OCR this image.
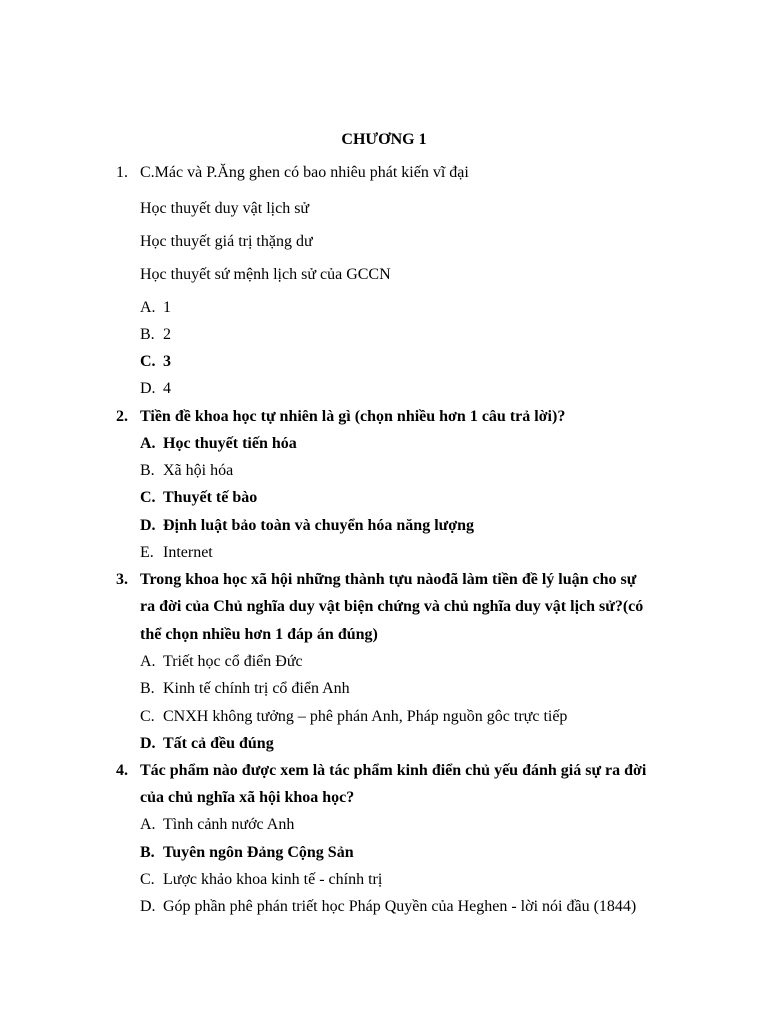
CHƯƠNG 1
1. C.Mác và P.Ăng ghen có bao nhiêu phát kiến vĩ đại
Học thuyết duy vật lịch sử
Học thuyết giá trị thặng dư
Học thuyết sứ mệnh lịch sử của GCCN
A. 1
B. 2
C. 3
D. 4
2. Tiền đề khoa học tự nhiên là gì (chọn nhiều hơn 1 câu trả lời)?
A. Học thuyết tiến hóa
B. Xã hội hóa
C. Thuyết tế bào
D. Định luật bảo toàn và chuyển hóa năng lượng
E. Internet
3. Trong khoa học xã hội những thành tựu nàođã làm tiền đề lý luận cho sự
ra đời của Chủ nghĩa duy vật biện chứng và chủ nghĩa duy vật lịch sử?(có
thể chọn nhiều hơn 1 đáp án đúng)
A. Triết học cổ điển Đức
B. Kinh tế chính trị cổ điển Anh
C. CNXH không tưởng – phê phán Anh, Pháp nguồn gôc trực tiếp
D. Tất cả đều đúng
4. Tác phẩm nào được xem là tác phẩm kinh điển chủ yếu đánh giá sự ra đời
của chủ nghĩa xã hội khoa học?
A. Tình cảnh nước Anh
B. Tuyên ngôn Đảng Cộng Sản
C. Lược khảo khoa kinh tế - chính trị
D. Góp phần phê phán triết học Pháp Quyền của Heghen - lời nói đầu (1844)
